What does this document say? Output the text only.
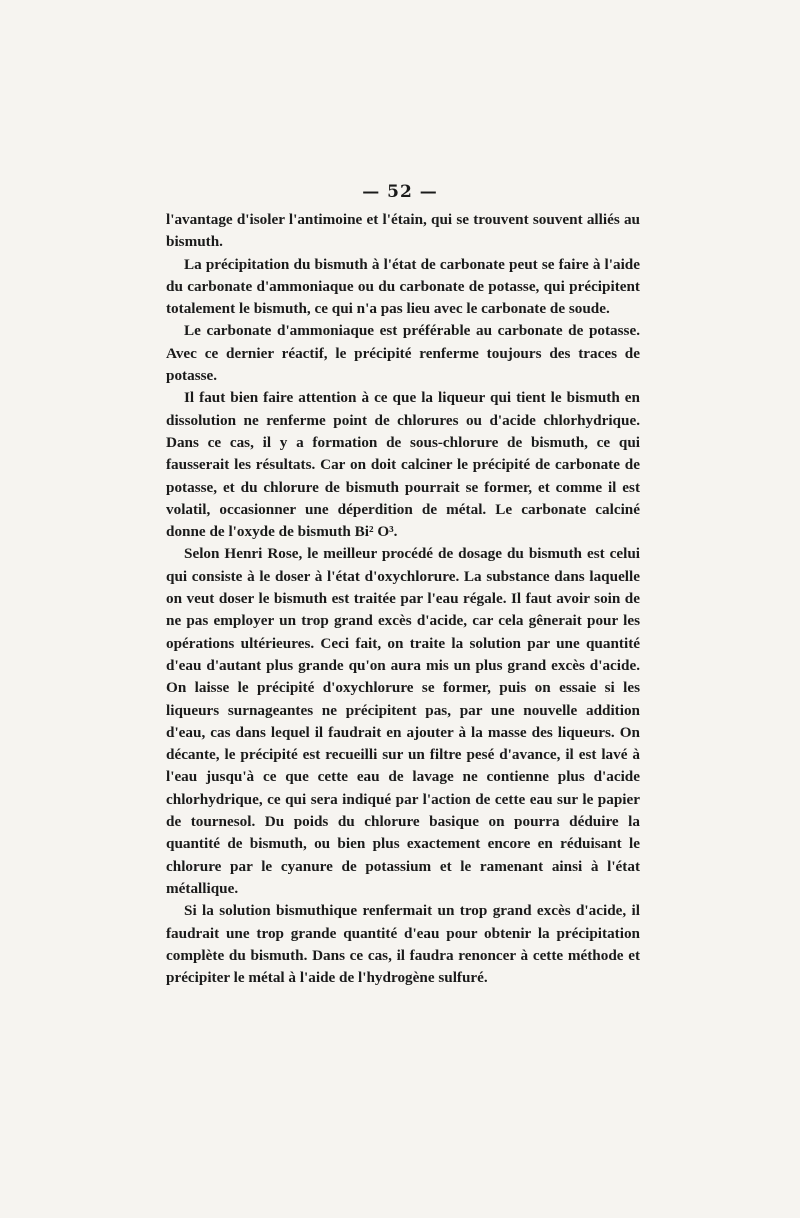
— 52 —

l'avantage d'isoler l'antimoine et l'étain, qui se trouvent souvent alliés au bismuth.

La précipitation du bismuth à l'état de carbonate peut se faire à l'aide du carbonate d'ammoniaque ou du carbonate de potasse, qui précipitent totalement le bismuth, ce qui n'a pas lieu avec le carbonate de soude.

Le carbonate d'ammoniaque est préférable au carbonate de potasse. Avec ce dernier réactif, le précipité renferme toujours des traces de potasse.

Il faut bien faire attention à ce que la liqueur qui tient le bismuth en dissolution ne renferme point de chlorures ou d'acide chlorhydrique. Dans ce cas, il y a formation de sous-chlorure de bismuth, ce qui fausserait les résultats. Car on doit calciner le précipité de carbonate de potasse, et du chlorure de bismuth pourrait se former, et comme il est volatil, occasionner une déperdition de métal. Le carbonate calciné donne de l'oxyde de bismuth Bi² O³.

Selon Henri Rose, le meilleur procédé de dosage du bismuth est celui qui consiste à le doser à l'état d'oxychlorure. La substance dans laquelle on veut doser le bismuth est traitée par l'eau régale. Il faut avoir soin de ne pas employer un trop grand excès d'acide, car cela gênerait pour les opérations ultérieures. Ceci fait, on traite la solution par une quantité d'eau d'autant plus grande qu'on aura mis un plus grand excès d'acide. On laisse le précipité d'oxychlorure se former, puis on essaie si les liqueurs surnageantes ne précipitent pas, par une nouvelle addition d'eau, cas dans lequel il faudrait en ajouter à la masse des liqueurs. On décante, le précipité est recueilli sur un filtre pesé d'avance, il est lavé à l'eau jusqu'à ce que cette eau de lavage ne contienne plus d'acide chlorhydrique, ce qui sera indiqué par l'action de cette eau sur le papier de tournesol. Du poids du chlorure basique on pourra déduire la quantité de bismuth, ou bien plus exactement encore en réduisant le chlorure par le cyanure de potassium et le ramenant ainsi à l'état métallique.

Si la solution bismuthique renfermait un trop grand excès d'acide, il faudrait une trop grande quantité d'eau pour obtenir la précipitation complète du bismuth. Dans ce cas, il faudra renoncer à cette méthode et précipiter le métal à l'aide de l'hydrogène sulfuré.
